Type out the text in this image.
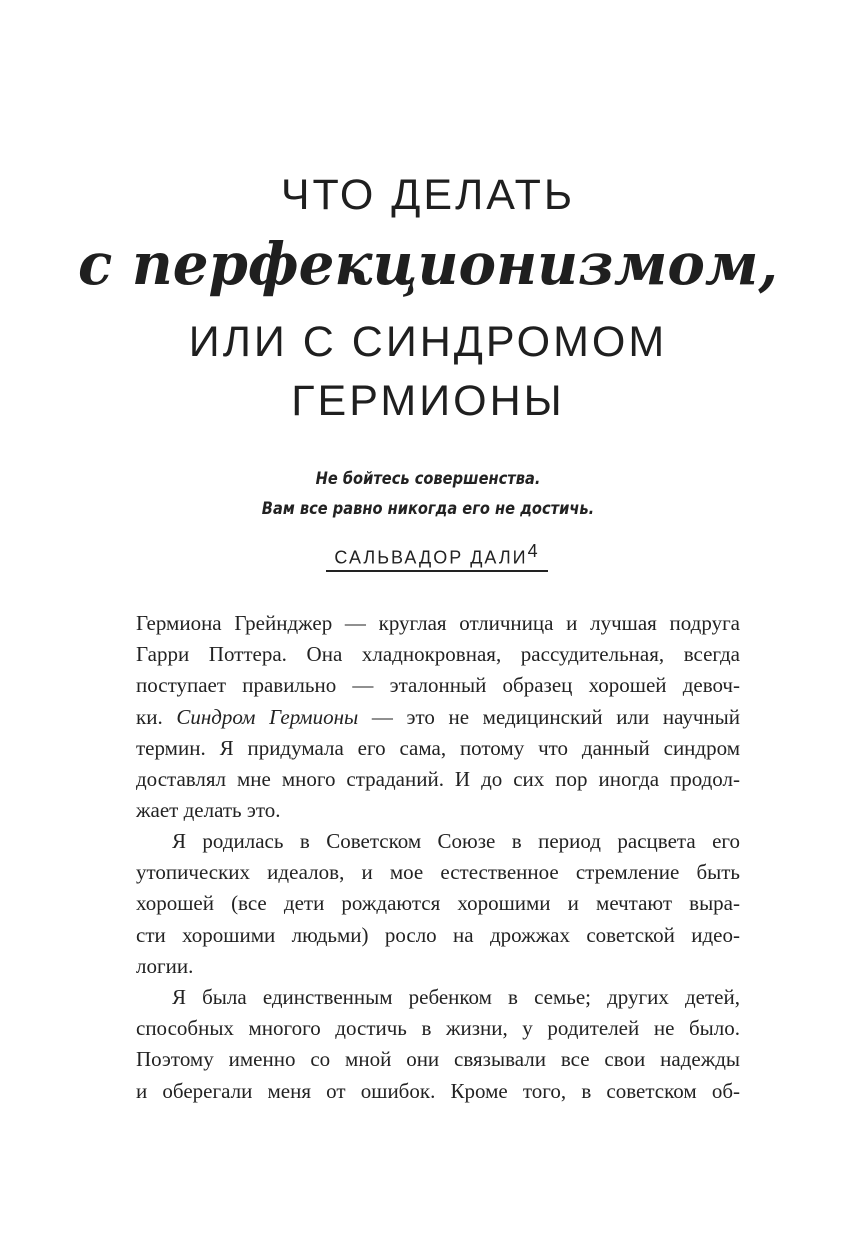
ЧТО ДЕЛАТЬ
с перфекционизмом,
ИЛИ С СИНДРОМОМ
ГЕРМИОНЫ
Не бойтесь совершенства.
Вам все равно никогда его не достичь.
САЛЬВАДОР ДАЛИ$^4$
Гермиона Грейнджер — круглая отличница и лучшая подруга
Гарри Поттера. Она хладнокровная, рассудительная, всегда
поступает правильно — эталонный образец хорошей девоч-
ки. Синдром Гермионы — это не медицинский или научный
термин. Я придумала его сама, потому что данный синдром
доставлял мне много страданий. И до сих пор иногда продол-
жает делать это.
Я родилась в Советском Союзе в период расцвета его
утопических идеалов, и мое естественное стремление быть
хорошей (все дети рождаются хорошими и мечтают выра-
сти хорошими людьми) росло на дрожжах советской идео-
логии.
Я была единственным ребенком в семье; других детей,
способных многого достичь в жизни, у родителей не было.
Поэтому именно со мной они связывали все свои надежды
и оберегали меня от ошибок. Кроме того, в советском об-
